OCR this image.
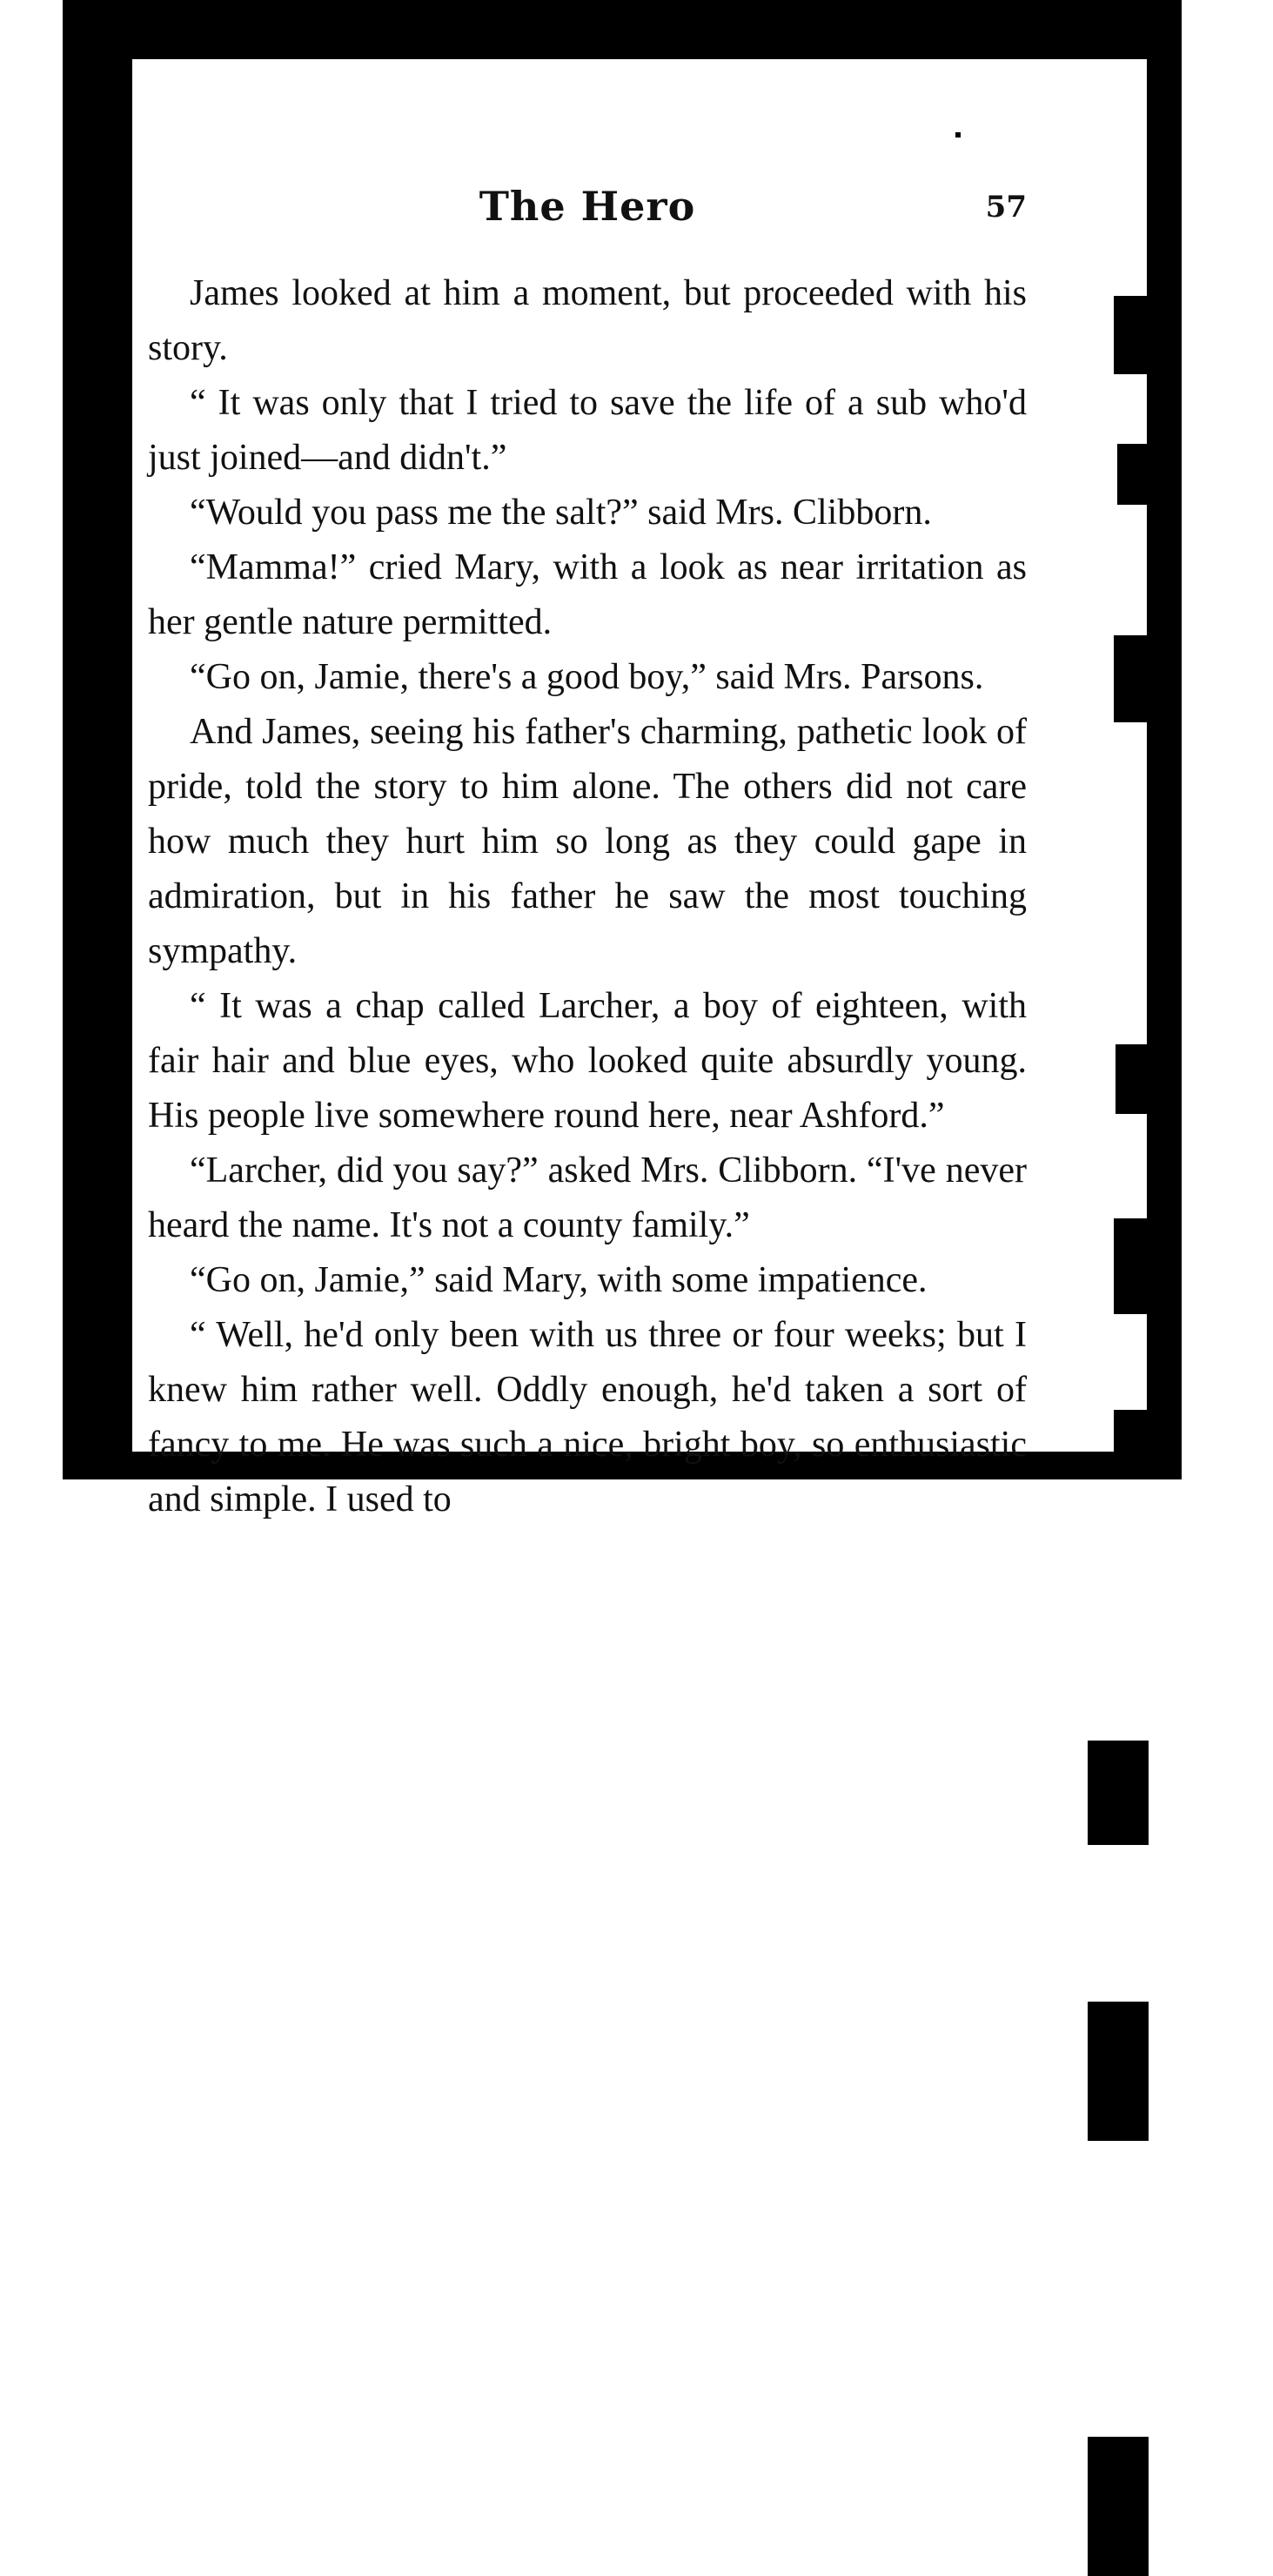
The Hero	57

James looked at him a moment, but proceeded with his story.

“ It was only that I tried to save the life of a sub who'd just joined—and didn't.”

“Would you pass me the salt?” said Mrs. Clibborn.

“Mamma!” cried Mary, with a look as near irritation as her gentle nature permitted.

“Go on, Jamie, there's a good boy,” said Mrs. Parsons.

And James, seeing his father's charming, pathetic look of pride, told the story to him alone. The others did not care how much they hurt him so long as they could gape in admiration, but in his father he saw the most touching sympathy.

“ It was a chap called Larcher, a boy of eighteen, with fair hair and blue eyes, who looked quite absurdly young. His people live somewhere round here, near Ashford.”

“Larcher, did you say?” asked Mrs. Clibborn. “I've never heard the name. It's not a county family.”

“Go on, Jamie,” said Mary, with some impatience.

“ Well, he'd only been with us three or four weeks; but I knew him rather well. Oddly enough, he'd taken a sort of fancy to me. He was such a nice, bright boy, so enthusiastic and simple. I used to
